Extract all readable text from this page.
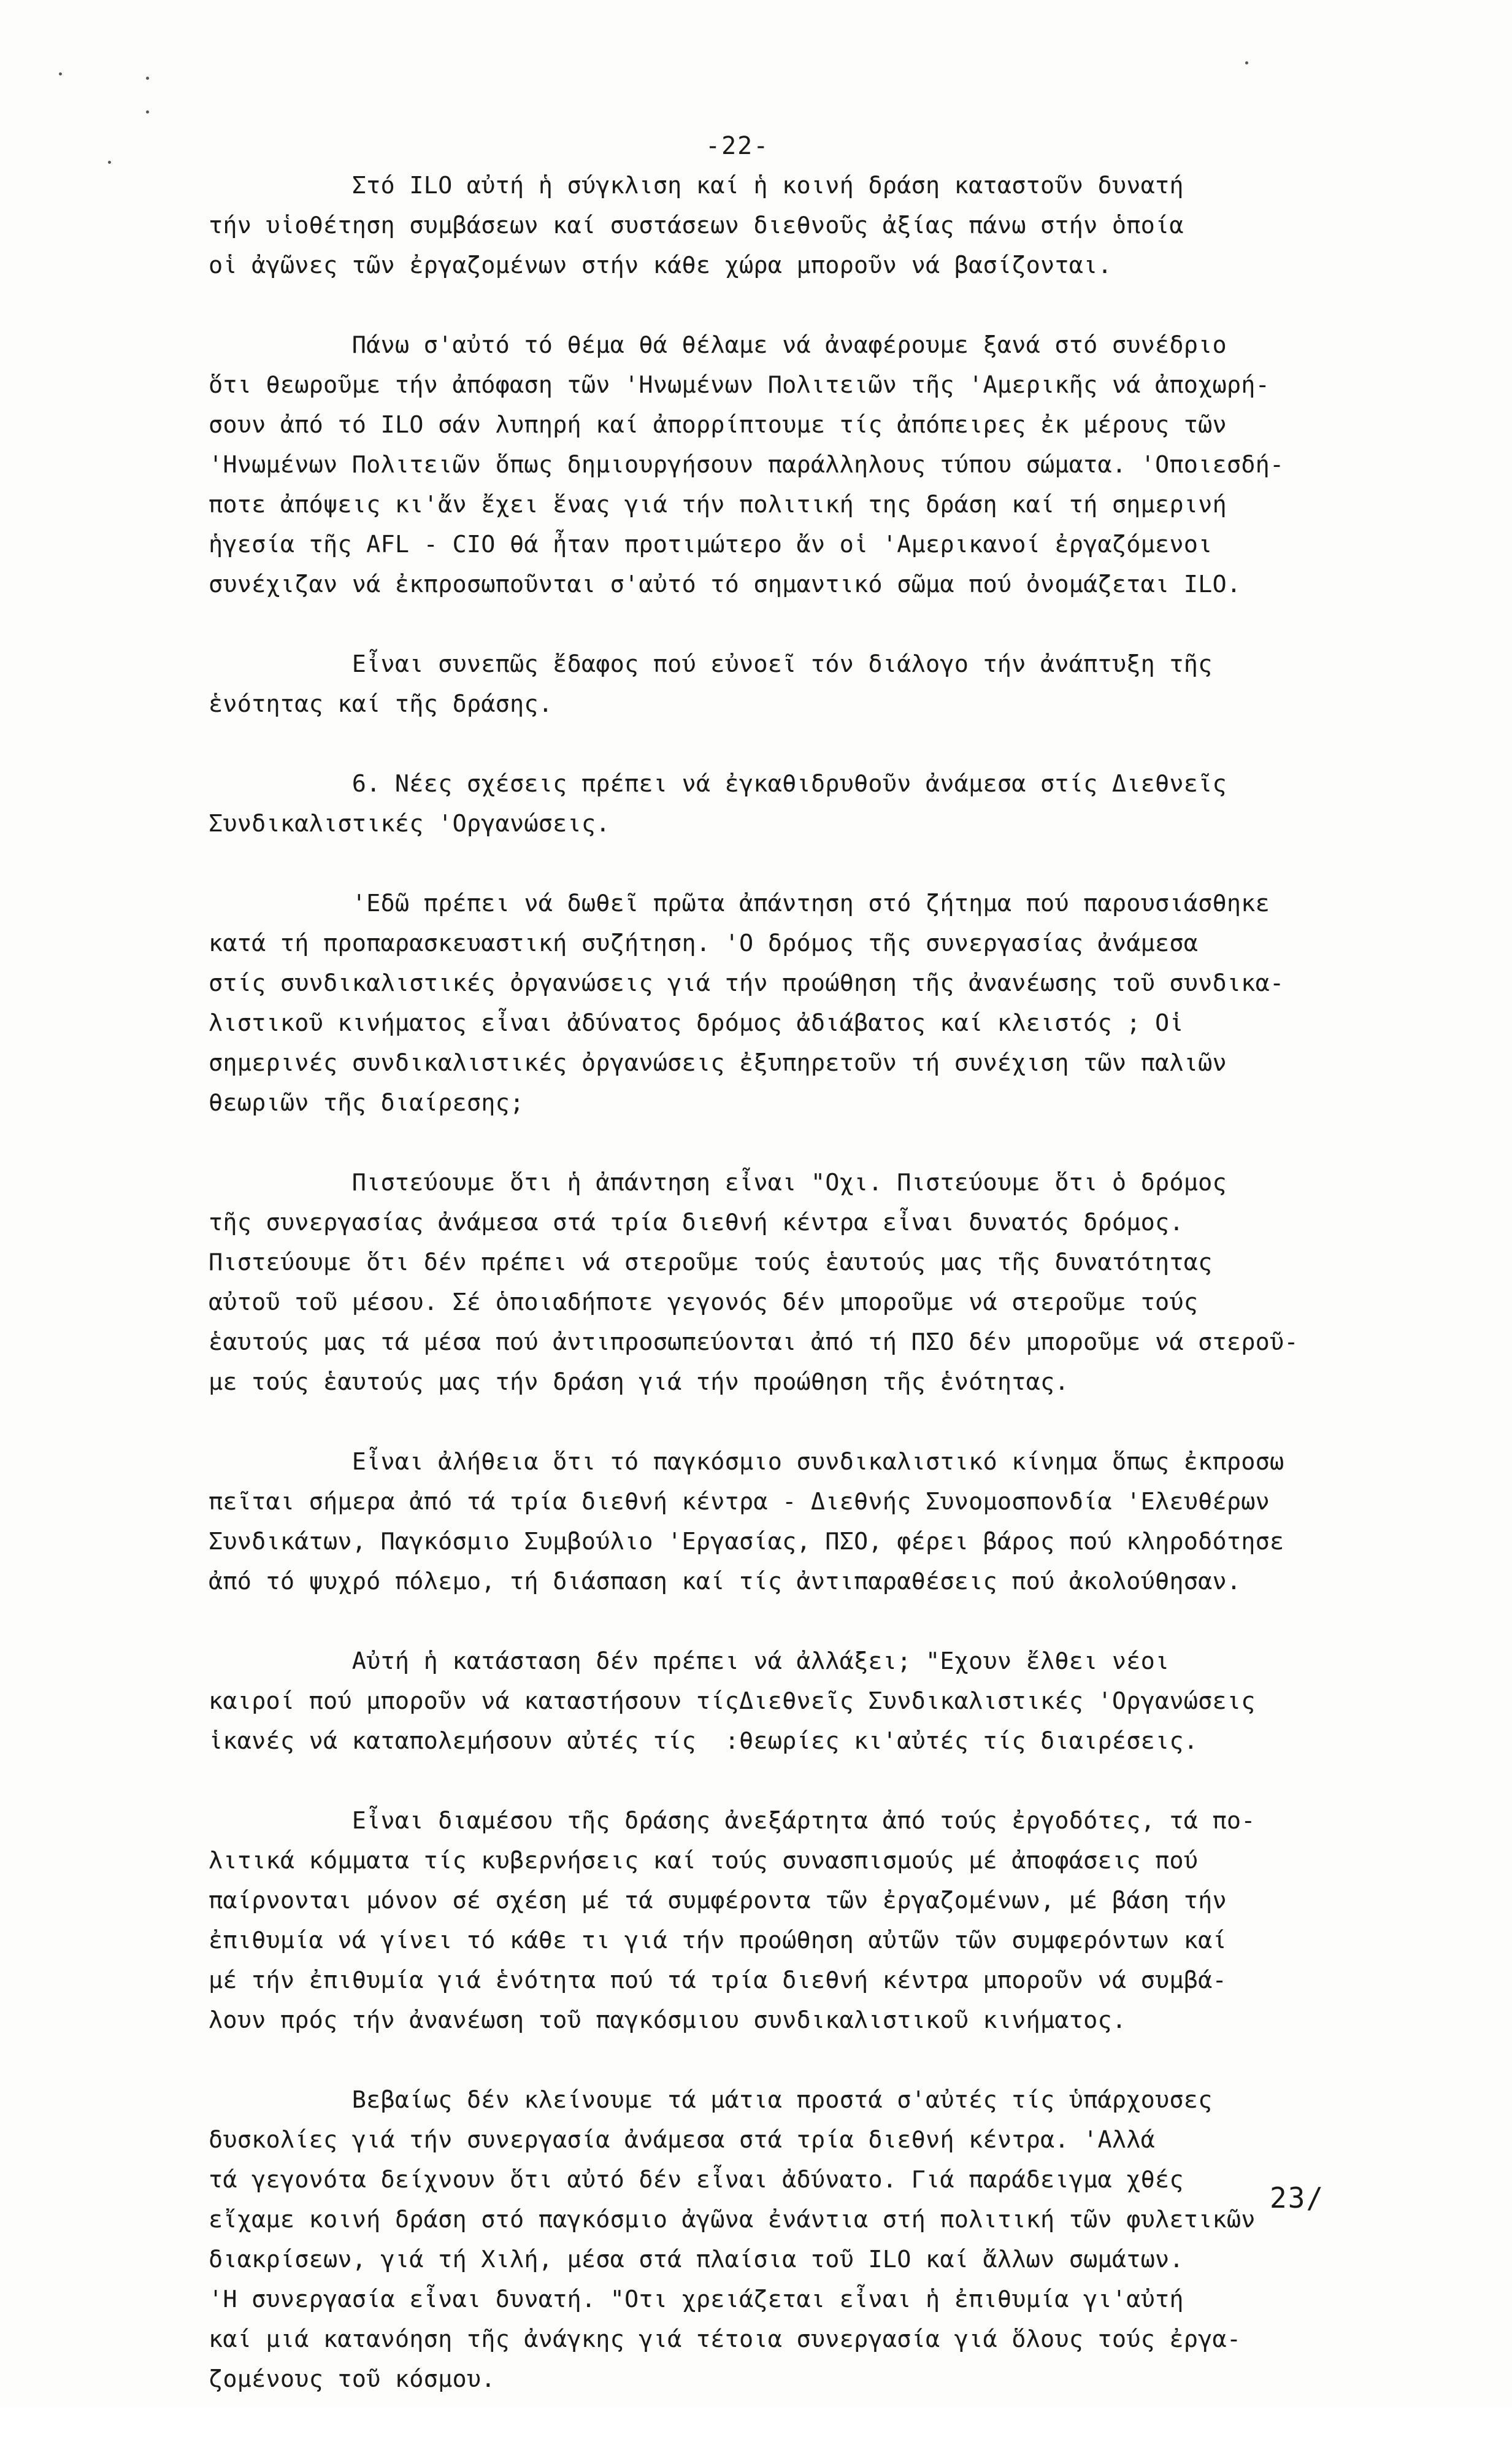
-22-
Στό ILO αὐτή ἡ σύγκλιση καί ἡ κοινή δράση καταστοῦν δυνατή
τήν υἱοθέτηση συμβάσεων καί συστάσεων διεθνοῦς ἀξίας πάνω στήν ὁποία
οἱ ἀγῶνες τῶν ἐργαζομένων στήν κάθε χώρα μποροῦν νά βασίζονται.
Πάνω σ'αὐτό τό θέμα θά θέλαμε νά ἀναφέρουμε ξανά στό συνέδριο
ὅτι θεωροῦμε τήν ἀπόφαση τῶν 'Ηνωμένων Πολιτειῶν τῆς 'Αμερικῆς νά ἀποχωρή-
σουν ἀπό τό ILO σάν λυπηρή καί ἀπορρίπτουμε τίς ἀπόπειρες ἐκ μέρους τῶν
'Ηνωμένων Πολιτειῶν ὅπως δημιουργήσουν παράλληλους τύπου σώματα. 'Οποιεσδή-
ποτε ἀπόψεις κι'ἄν ἔχει ἕνας γιά τήν πολιτική της δράση καί τή σημερινή
ἡγεσία τῆς AFL - CIO θά ἦταν προτιμώτερο ἄν οἱ 'Αμερικανοί ἐργαζόμενοι
συνέχιζαν νά ἐκπροσωποῦνται σ'αὐτό τό σημαντικό σῶμα πού ὀνομάζεται ILO.
Εἶναι συνεπῶς ἔδαφος πού εὐνοεῖ τόν διάλογο τήν ἀνάπτυξη τῆς
ἑνότητας καί τῆς δράσης.
6. Νέες σχέσεις πρέπει νά ἐγκαθιδρυθοῦν ἀνάμεσα στίς Διεθνεῖς
Συνδικαλιστικές 'Οργανώσεις.
'Εδῶ πρέπει νά δωθεῖ πρῶτα ἀπάντηση στό ζήτημα πού παρουσιάσθηκε
κατά τή προπαρασκευαστική συζήτηση. 'Ο δρόμος τῆς συνεργασίας ἀνάμεσα
στίς συνδικαλιστικές ὀργανώσεις γιά τήν προώθηση τῆς ἀνανέωσης τοῦ συνδικα-
λιστικοῦ κινήματος εἶναι ἀδύνατος δρόμος ἀδιάβατος καί κλειστός ; Οἱ
σημερινές συνδικαλιστικές ὀργανώσεις ἐξυπηρετοῦν τή συνέχιση τῶν παλιῶν
θεωριῶν τῆς διαίρεσης;
Πιστεύουμε ὅτι ἡ ἀπάντηση εἶναι "Οχι. Πιστεύουμε ὅτι ὁ δρόμος
τῆς συνεργασίας ἀνάμεσα στά τρία διεθνή κέντρα εἶναι δυνατός δρόμος.
Πιστεύουμε ὅτι δέν πρέπει νά στεροῦμε τούς ἑαυτούς μας τῆς δυνατότητας
αὐτοῦ τοῦ μέσου. Σέ ὁποιαδήποτε γεγονός δέν μποροῦμε νά στεροῦμε τούς
ἑαυτούς μας τά μέσα πού ἀντιπροσωπεύονται ἀπό τή ΠΣΟ δέν μποροῦμε νά στεροῦ-
με τούς ἑαυτούς μας τήν δράση γιά τήν προώθηση τῆς ἑνότητας.
Εἶναι ἀλήθεια ὅτι τό παγκόσμιο συνδικαλιστικό κίνημα ὅπως ἐκπροσω
πεῖται σήμερα ἀπό τά τρία διεθνή κέντρα - Διεθνής Συνομοσπονδία 'Ελευθέρων
Συνδικάτων, Παγκόσμιο Συμβούλιο 'Εργασίας, ΠΣΟ, φέρει βάρος πού κληροδότησε
ἀπό τό ψυχρό πόλεμο, τή διάσπαση καί τίς ἀντιπαραθέσεις πού ἀκολούθησαν.
Αὐτή ἡ κατάσταση δέν πρέπει νά ἀλλάξει; "Εχουν ἔλθει νέοι
καιροί πού μποροῦν νά καταστήσουν τίςΔιεθνεῖς Συνδικαλιστικές 'Οργανώσεις
ἱκανές νά καταπολεμήσουν αὐτές τίς  :θεωρίες κι'αὐτές τίς διαιρέσεις.
Εἶναι διαμέσου τῆς δράσης ἀνεξάρτητα ἀπό τούς ἐργοδότες, τά πο-
λιτικά κόμματα τίς κυβερνήσεις καί τούς συνασπισμούς μέ ἀποφάσεις πού
παίρνονται μόνον σέ σχέση μέ τά συμφέροντα τῶν ἐργαζομένων, μέ βάση τήν
ἐπιθυμία νά γίνει τό κάθε τι γιά τήν προώθηση αὐτῶν τῶν συμφερόντων καί
μέ τήν ἐπιθυμία γιά ἑνότητα πού τά τρία διεθνή κέντρα μποροῦν νά συμβά-
λουν πρός τήν ἀνανέωση τοῦ παγκόσμιου συνδικαλιστικοῦ κινήματος.
Βεβαίως δέν κλείνουμε τά μάτια προστά σ'αὐτές τίς ὑπάρχουσες
δυσκολίες γιά τήν συνεργασία ἀνάμεσα στά τρία διεθνή κέντρα. 'Αλλά
τά γεγονότα δείχνουν ὅτι αὐτό δέν εἶναι ἀδύνατο. Γιά παράδειγμα χθές
εἴχαμε κοινή δράση στό παγκόσμιο ἀγῶνα ἐνάντια στή πολιτική τῶν φυλετικῶν
διακρίσεων, γιά τή Χιλή, μέσα στά πλαίσια τοῦ ILO καί ἄλλων σωμάτων.
'Η συνεργασία εἶναι δυνατή. "Οτι χρειάζεται εἶναι ἡ ἐπιθυμία γι'αὐτή
καί μιά κατανόηση τῆς ἀνάγκης γιά τέτοια συνεργασία γιά ὅλους τούς ἐργα-
ζομένους τοῦ κόσμου.
23/
